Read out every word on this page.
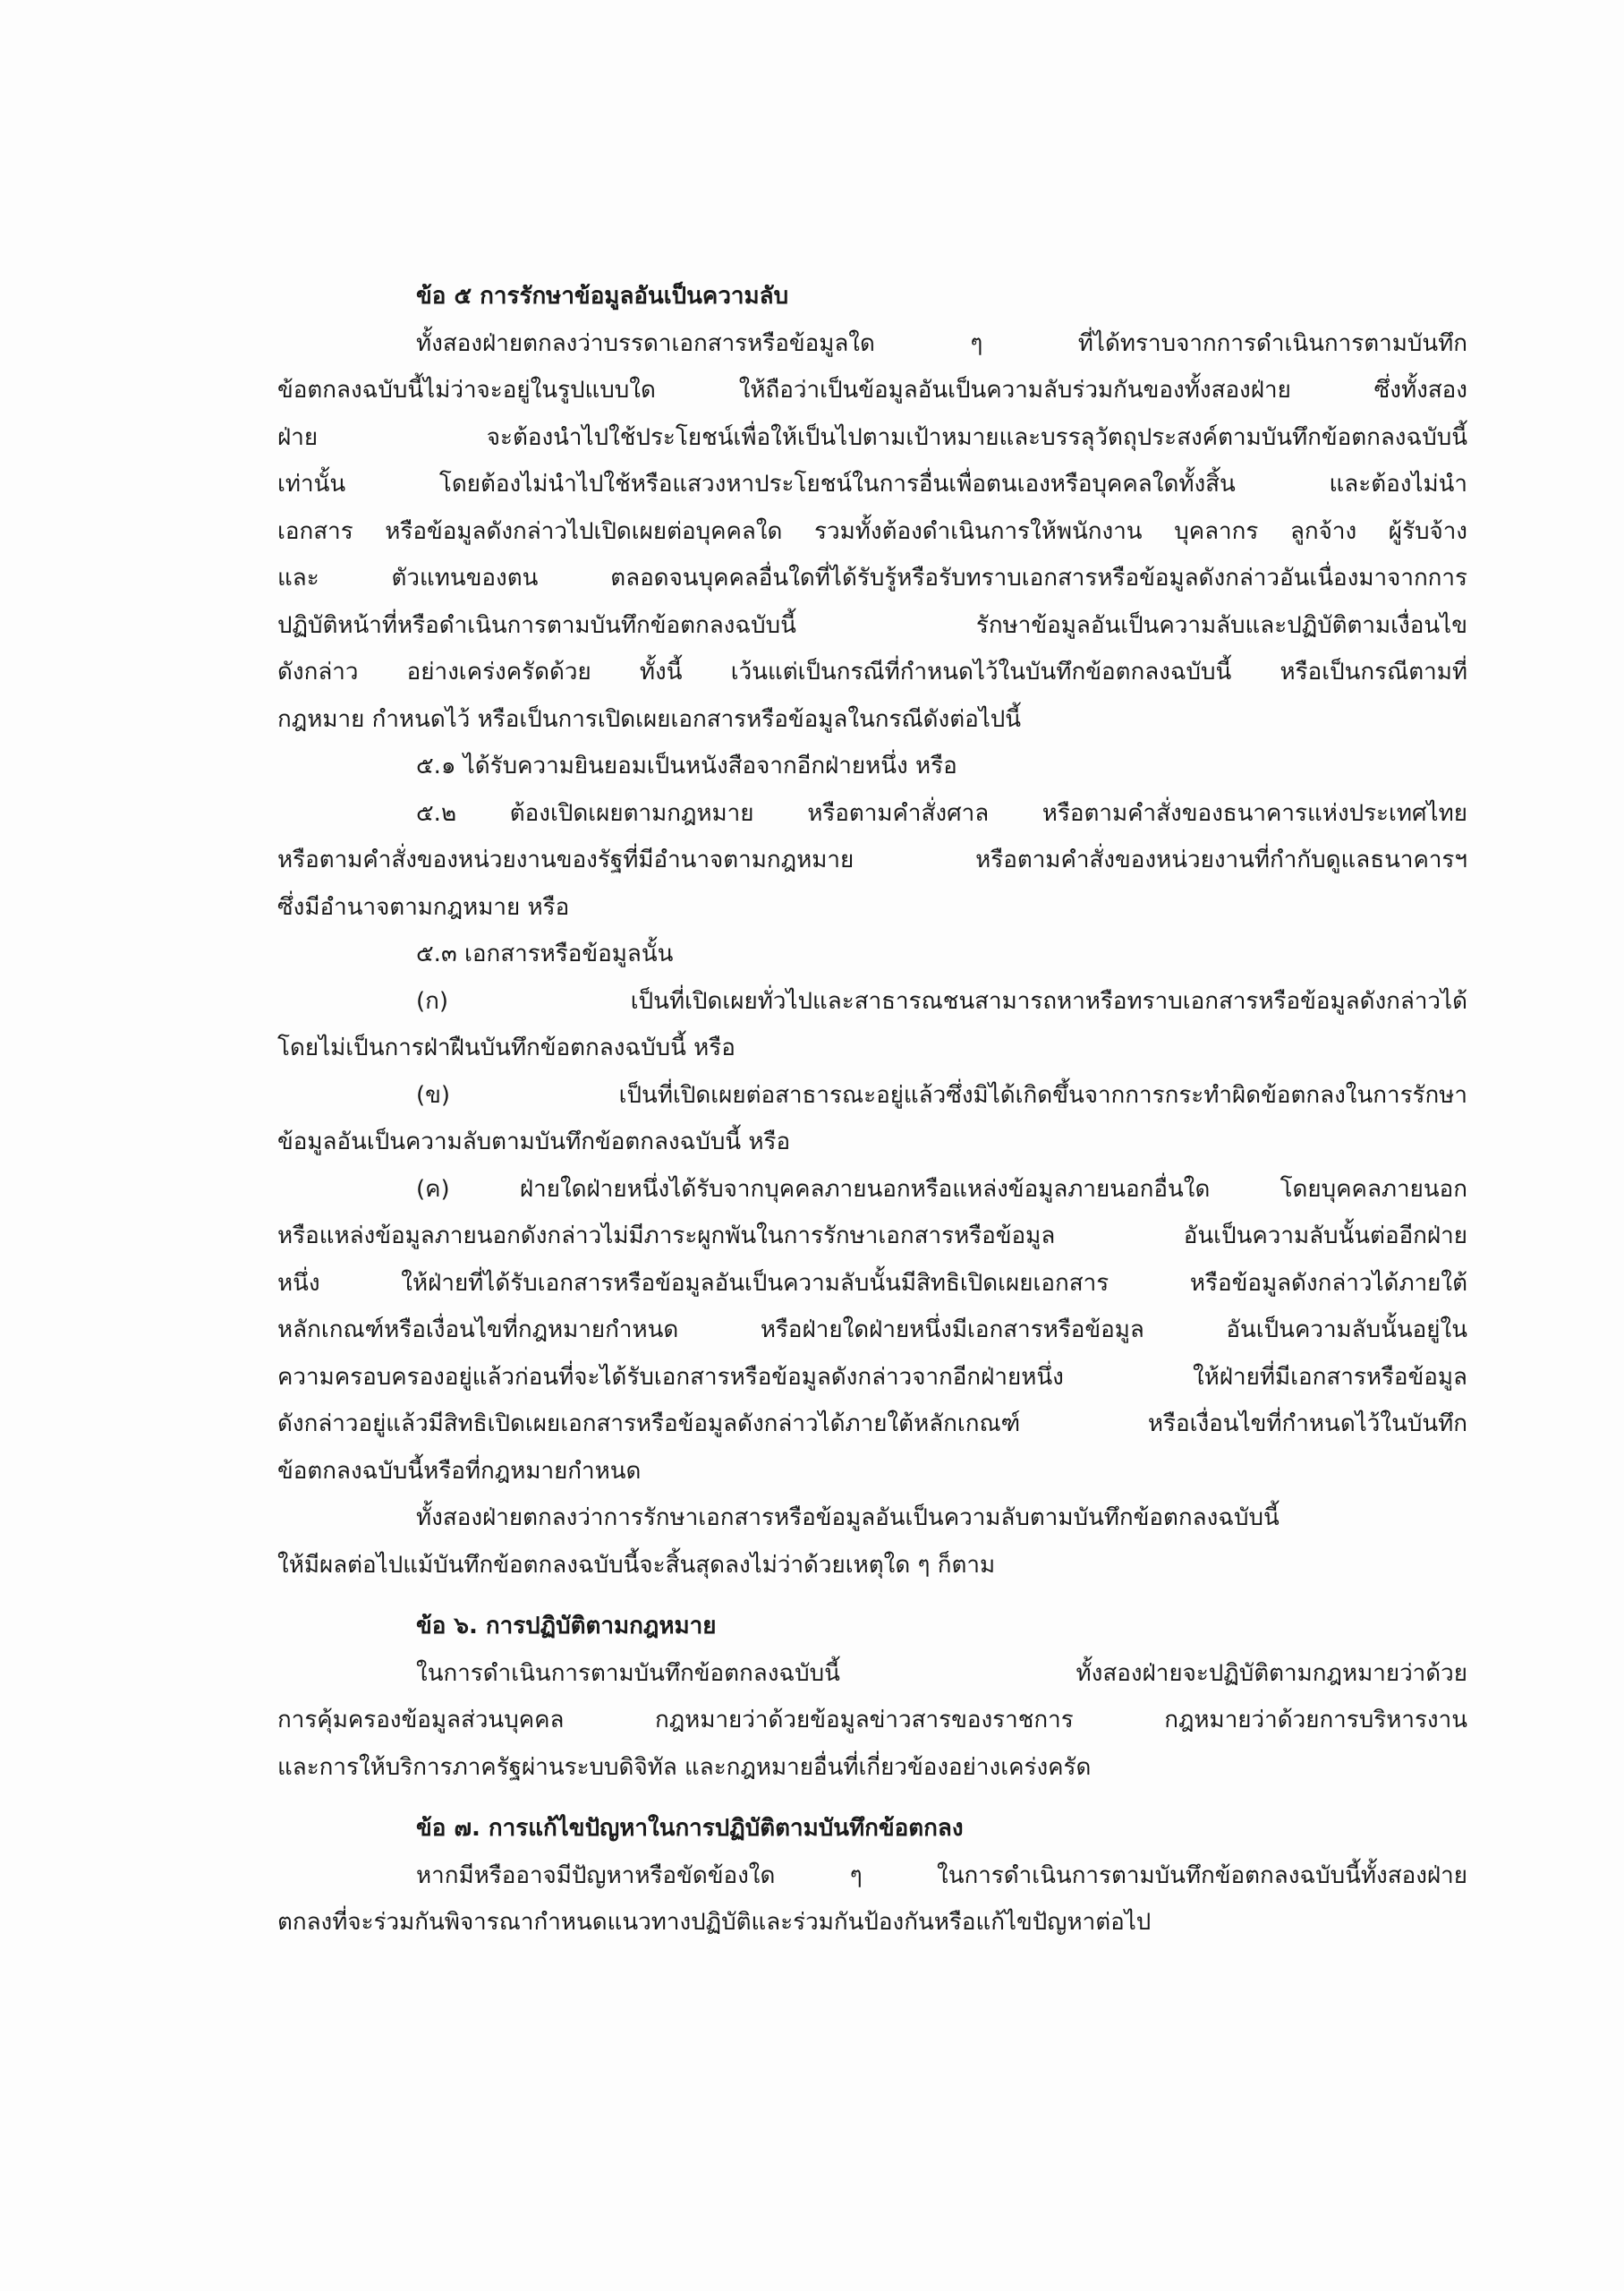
ข้อ ๕ การรักษาข้อมูลอันเป็นความลับ
ทั้งสองฝ่ายตกลงว่าบรรดาเอกสารหรือข้อมูลใด ๆ ที่ได้ทราบจากการดำเนินการตามบันทึก
ข้อตกลงฉบับนี้ไม่ว่าจะอยู่ในรูปแบบใด ให้ถือว่าเป็นข้อมูลอันเป็นความลับร่วมกันของทั้งสองฝ่าย ซึ่งทั้งสอง
ฝ่าย จะต้องนำไปใช้ประโยชน์เพื่อให้เป็นไปตามเป้าหมายและบรรลุวัตถุประสงค์ตามบันทึกข้อตกลงฉบับนี้
เท่านั้น โดยต้องไม่นำไปใช้หรือแสวงหาประโยชน์ในการอื่นเพื่อตนเองหรือบุคคลใดทั้งสิ้น และต้องไม่นำ
เอกสาร หรือข้อมูลดังกล่าวไปเปิดเผยต่อบุคคลใด รวมทั้งต้องดำเนินการให้พนักงาน บุคลากร ลูกจ้าง ผู้รับจ้าง
และ ตัวแทนของตน ตลอดจนบุคคลอื่นใดที่ได้รับรู้หรือรับทราบเอกสารหรือข้อมูลดังกล่าวอันเนื่องมาจากการ
ปฏิบัติหน้าที่หรือดำเนินการตามบันทึกข้อตกลงฉบับนี้ รักษาข้อมูลอันเป็นความลับและปฏิบัติตามเงื่อนไข
ดังกล่าว อย่างเคร่งครัดด้วย ทั้งนี้ เว้นแต่เป็นกรณีที่กำหนดไว้ในบันทึกข้อตกลงฉบับนี้ หรือเป็นกรณีตามที่
กฎหมาย กำหนดไว้ หรือเป็นการเปิดเผยเอกสารหรือข้อมูลในกรณีดังต่อไปนี้
๕.๑ ได้รับความยินยอมเป็นหนังสือจากอีกฝ่ายหนึ่ง หรือ
๕.๒ ต้องเปิดเผยตามกฎหมาย หรือตามคำสั่งศาล หรือตามคำสั่งของธนาคารแห่งประเทศไทย
หรือตามคำสั่งของหน่วยงานของรัฐที่มีอำนาจตามกฎหมาย หรือตามคำสั่งของหน่วยงานที่กำกับดูแลธนาคารฯ
ซึ่งมีอำนาจตามกฎหมาย หรือ
๕.๓ เอกสารหรือข้อมูลนั้น
(ก) เป็นที่เปิดเผยทั่วไปและสาธารณชนสามารถหาหรือทราบเอกสารหรือข้อมูลดังกล่าวได้
โดยไม่เป็นการฝ่าฝืนบันทึกข้อตกลงฉบับนี้ หรือ
(ข) เป็นที่เปิดเผยต่อสาธารณะอยู่แล้วซึ่งมิได้เกิดขึ้นจากการกระทำผิดข้อตกลงในการรักษา
ข้อมูลอันเป็นความลับตามบันทึกข้อตกลงฉบับนี้ หรือ
(ค) ฝ่ายใดฝ่ายหนึ่งได้รับจากบุคคลภายนอกหรือแหล่งข้อมูลภายนอกอื่นใด โดยบุคคลภายนอก
หรือแหล่งข้อมูลภายนอกดังกล่าวไม่มีภาระผูกพันในการรักษาเอกสารหรือข้อมูล อันเป็นความลับนั้นต่ออีกฝ่าย
หนึ่ง ให้ฝ่ายที่ได้รับเอกสารหรือข้อมูลอันเป็นความลับนั้นมีสิทธิเปิดเผยเอกสาร หรือข้อมูลดังกล่าวได้ภายใต้
หลักเกณฑ์หรือเงื่อนไขที่กฎหมายกำหนด หรือฝ่ายใดฝ่ายหนึ่งมีเอกสารหรือข้อมูล อันเป็นความลับนั้นอยู่ใน
ความครอบครองอยู่แล้วก่อนที่จะได้รับเอกสารหรือข้อมูลดังกล่าวจากอีกฝ่ายหนึ่ง ให้ฝ่ายที่มีเอกสารหรือข้อมูล
ดังกล่าวอยู่แล้วมีสิทธิเปิดเผยเอกสารหรือข้อมูลดังกล่าวได้ภายใต้หลักเกณฑ์ หรือเงื่อนไขที่กำหนดไว้ในบันทึก
ข้อตกลงฉบับนี้หรือที่กฎหมายกำหนด
ทั้งสองฝ่ายตกลงว่าการรักษาเอกสารหรือข้อมูลอันเป็นความลับตามบันทึกข้อตกลงฉบับนี้
ให้มีผลต่อไปแม้บันทึกข้อตกลงฉบับนี้จะสิ้นสุดลงไม่ว่าด้วยเหตุใด ๆ ก็ตาม
ข้อ ๖. การปฏิบัติตามกฎหมาย
ในการดำเนินการตามบันทึกข้อตกลงฉบับนี้ ทั้งสองฝ่ายจะปฏิบัติตามกฎหมายว่าด้วย
การคุ้มครองข้อมูลส่วนบุคคล กฎหมายว่าด้วยข้อมูลข่าวสารของราชการ กฎหมายว่าด้วยการบริหารงาน
และการให้บริการภาครัฐผ่านระบบดิจิทัล และกฎหมายอื่นที่เกี่ยวข้องอย่างเคร่งครัด
ข้อ ๗. การแก้ไขปัญหาในการปฏิบัติตามบันทึกข้อตกลง
หากมีหรืออาจมีปัญหาหรือขัดข้องใด ๆ ในการดำเนินการตามบันทึกข้อตกลงฉบับนี้ทั้งสองฝ่าย
ตกลงที่จะร่วมกันพิจารณากำหนดแนวทางปฏิบัติและร่วมกันป้องกันหรือแก้ไขปัญหาต่อไป
